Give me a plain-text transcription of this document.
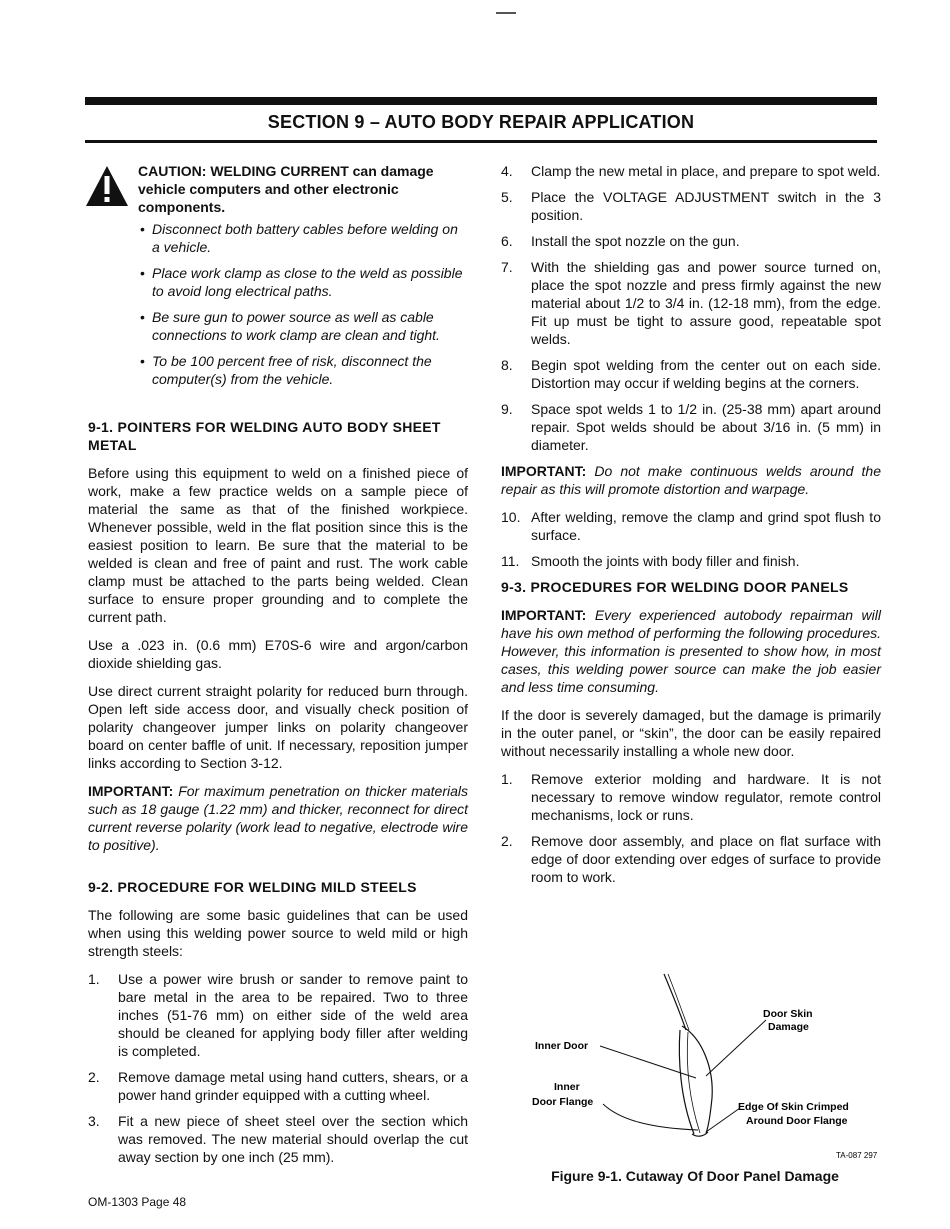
SECTION 9 – AUTO BODY REPAIR APPLICATION
CAUTION: WELDING CURRENT can damage vehicle computers and other electronic components.
• Disconnect both battery cables before welding on a vehicle.
• Place work clamp as close to the weld as possible to avoid long electrical paths.
• Be sure gun to power source as well as cable connections to work clamp are clean and tight.
• To be 100 percent free of risk, disconnect the computer(s) from the vehicle.
9-1. POINTERS FOR WELDING AUTO BODY SHEET METAL

Before using this equipment to weld on a finished piece of work, make a few practice welds on a sample piece of material the same as that of the finished workpiece. Whenever possible, weld in the flat position since this is the easiest position to learn. Be sure that the material to be welded is clean and free of paint and rust. The work cable clamp must be attached to the parts being welded. Clean surface to ensure proper grounding and to complete the current path.

Use a .023 in. (0.6 mm) E70S-6 wire and argon/carbon dioxide shielding gas.

Use direct current straight polarity for reduced burn through. Open left side access door, and visually check position of polarity changeover jumper links on polarity changeover board on center baffle of unit. If necessary, reposition jumper links according to Section 3-12.

IMPORTANT: For maximum penetration on thicker materials such as 18 gauge (1.22 mm) and thicker, reconnect for direct current reverse polarity (work lead to negative, electrode wire to positive).

9-2. PROCEDURE FOR WELDING MILD STEELS

The following are some basic guidelines that can be used when using this welding power source to weld mild or high strength steels:

1. Use a power wire brush or sander to remove paint to bare metal in the area to be repaired. Two to three inches (51-76 mm) on either side of the weld area should be cleaned for applying body filler after welding is completed.
2. Remove damage metal using hand cutters, shears, or a power hand grinder equipped with a cutting wheel.
3. Fit a new piece of sheet steel over the section which was removed. The new material should overlap the cut away section by one inch (25 mm).
4. Clamp the new metal in place, and prepare to spot weld.
5. Place the VOLTAGE ADJUSTMENT switch in the 3 position.
6. Install the spot nozzle on the gun.
7. With the shielding gas and power source turned on, place the spot nozzle and press firmly against the new material about 1/2 to 3/4 in. (12-18 mm), from the edge. Fit up must be tight to assure good, repeatable spot welds.
8. Begin spot welding from the center out on each side. Distortion may occur if welding begins at the corners.
9. Space spot welds 1 to 1/2 in. (25-38 mm) apart around repair. Spot welds should be about 3/16 in. (5 mm) in diameter.

IMPORTANT: Do not make continuous welds around the repair as this will promote distortion and warpage.

10. After welding, remove the clamp and grind spot flush to surface.
11. Smooth the joints with body filler and finish.
9-3. PROCEDURES FOR WELDING DOOR PANELS

IMPORTANT: Every experienced autobody repairman will have his own method of performing the following procedures. However, this information is presented to show how, in most cases, this welding power source can make the job easier and less time consuming.

If the door is severely damaged, but the damage is primarily in the outer panel, or “skin”, the door can be easily repaired without necessarily installing a whole new door.

1. Remove exterior molding and hardware. It is not necessary to remove window regulator, remote control mechanisms, lock or runs.
2. Remove door assembly, and place on flat surface with edge of door extending over edges of surface to provide room to work.
Door Skin
Damage
Inner Door
Inner
Door Flange	Edge Of Skin Crimped
Around Door Flange
TA-087 297
Figure 9-1. Cutaway Of Door Panel Damage
OM-1303 Page 48
